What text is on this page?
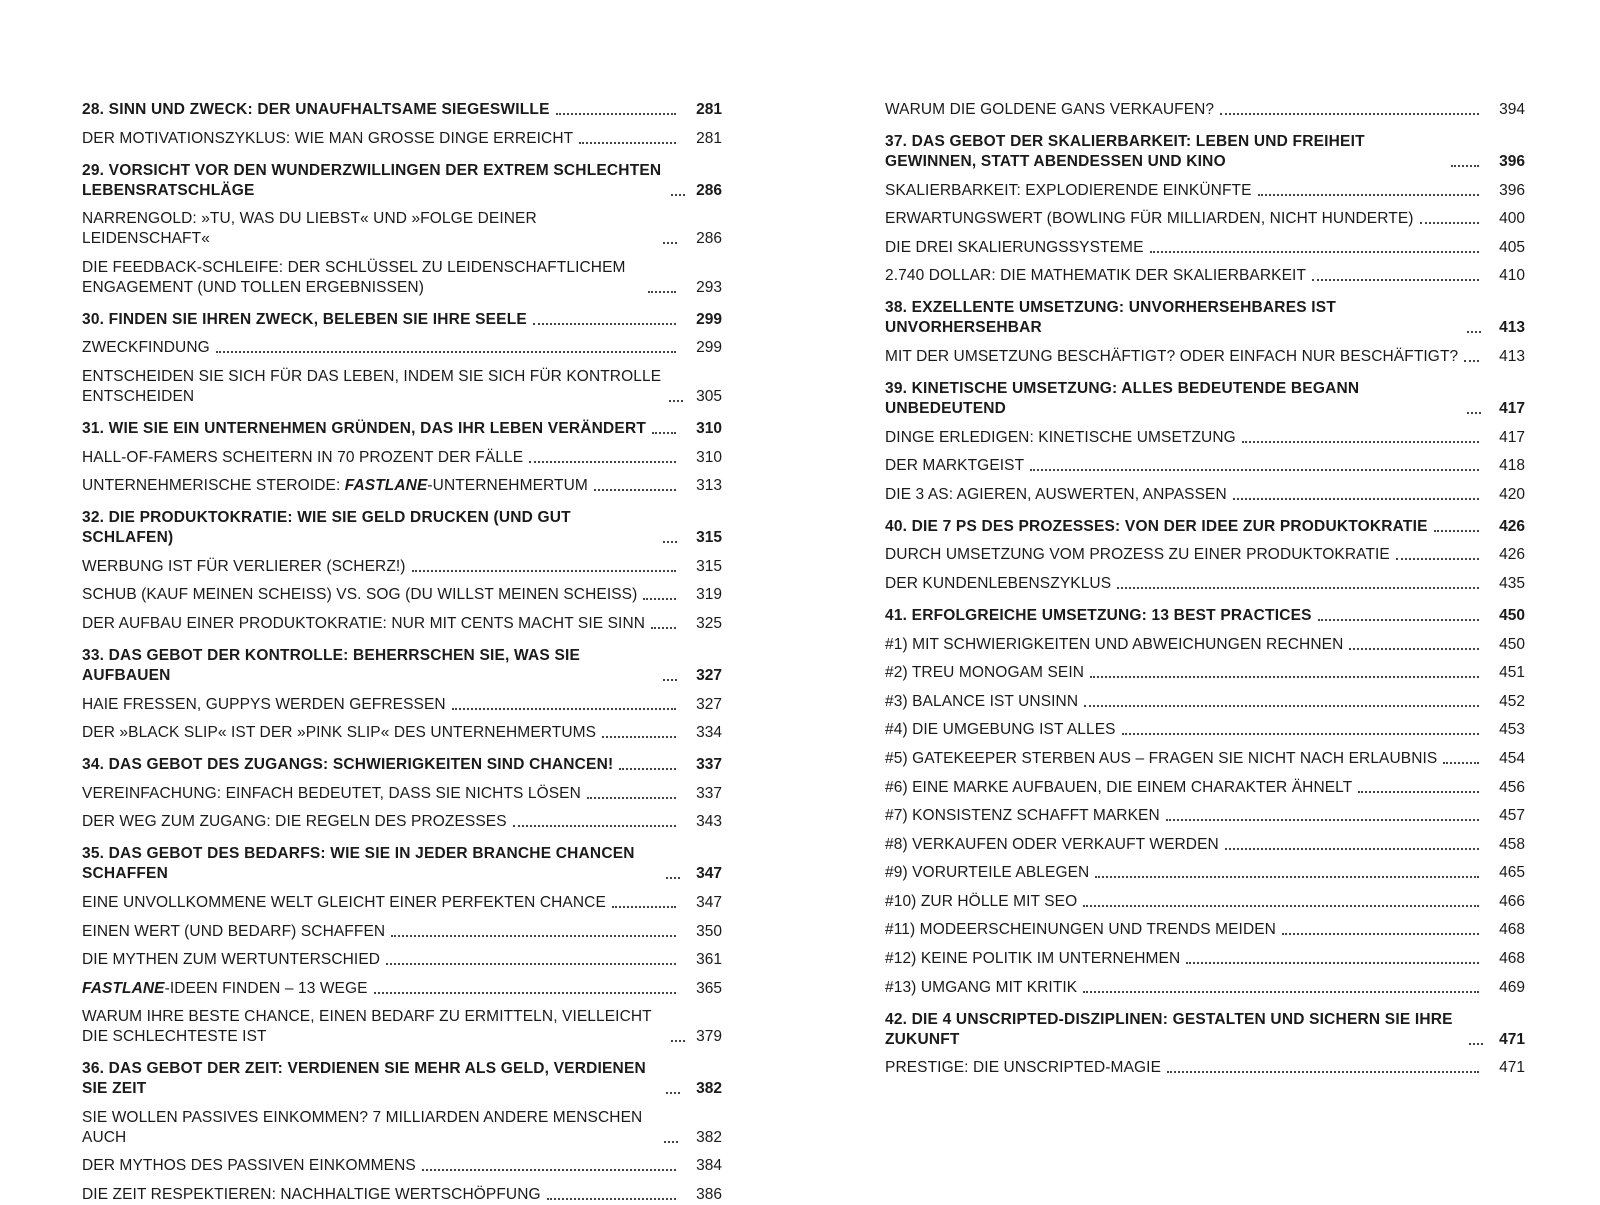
28. SINN UND ZWECK: DER UNAUFHALTSAME SIEGESWILLE	281
DER MOTIVATIONSZYKLUS: WIE MAN GROSSE DINGE ERREICHT	281
29. VORSICHT VOR DEN WUNDERZWILLINGEN DER EXTREM SCHLECHTEN LEBENSRATSCHLÄGE	286
NARRENGOLD: »TU, WAS DU LIEBST« UND »FOLGE DEINER LEIDENSCHAFT«	286
DIE FEEDBACK-SCHLEIFE: DER SCHLÜSSEL ZU LEIDENSCHAFTLICHEM ENGAGEMENT (UND TOLLEN ERGEBNISSEN)	293
30. FINDEN SIE IHREN ZWECK, BELEBEN SIE IHRE SEELE	299
ZWECKFINDUNG	299
ENTSCHEIDEN SIE SICH FÜR DAS LEBEN, INDEM SIE SICH FÜR KONTROLLE ENTSCHEIDEN	305
31. WIE SIE EIN UNTERNEHMEN GRÜNDEN, DAS IHR LEBEN VERÄNDERT	310
HALL-OF-FAMERS SCHEITERN IN 70 PROZENT DER FÄLLE	310
UNTERNEHMERISCHE STEROIDE: FASTLANE-UNTERNEHMERTUM	313
32. DIE PRODUKTOKRATIE: WIE SIE GELD DRUCKEN (UND GUT SCHLAFEN)	315
WERBUNG IST FÜR VERLIERER (SCHERZ!)	315
SCHUB (KAUF MEINEN SCHEISS) VS. SOG (DU WILLST MEINEN SCHEISS)	319
DER AUFBAU EINER PRODUKTOKRATIE: NUR MIT CENTS MACHT SIE SINN	325
33. DAS GEBOT DER KONTROLLE: BEHERRSCHEN SIE, WAS SIE AUFBAUEN	327
HAIE FRESSEN, GUPPYS WERDEN GEFRESSEN	327
DER »BLACK SLIP« IST DER »PINK SLIP« DES UNTERNEHMERTUMS	334
34. DAS GEBOT DES ZUGANGS: SCHWIERIGKEITEN SIND CHANCEN!	337
VEREINFACHUNG: EINFACH BEDEUTET, DASS SIE NICHTS LÖSEN	337
DER WEG ZUM ZUGANG: DIE REGELN DES PROZESSES	343
35. DAS GEBOT DES BEDARFS: WIE SIE IN JEDER BRANCHE CHANCEN SCHAFFEN	347
EINE UNVOLLKOMMENE WELT GLEICHT EINER PERFEKTEN CHANCE	347
EINEN WERT (UND BEDARF) SCHAFFEN	350
DIE MYTHEN ZUM WERTUNTERSCHIED	361
FASTLANE-IDEEN FINDEN – 13 WEGE	365
WARUM IHRE BESTE CHANCE, EINEN BEDARF ZU ERMITTELN, VIELLEICHT DIE SCHLECHTESTE IST	379
36. DAS GEBOT DER ZEIT: VERDIENEN SIE MEHR ALS GELD, VERDIENEN SIE ZEIT	382
SIE WOLLEN PASSIVES EINKOMMEN? 7 MILLIARDEN ANDERE MENSCHEN AUCH	382
DER MYTHOS DES PASSIVEN EINKOMMENS	384
DIE ZEIT RESPEKTIEREN: NACHHALTIGE WERTSCHÖPFUNG	386
WARUM DIE GOLDENE GANS VERKAUFEN?	394
37. DAS GEBOT DER SKALIERBARKEIT: LEBEN UND FREIHEIT GEWINNEN, STATT ABENDESSEN UND KINO	396
SKALIERBARKEIT: EXPLODIERENDE EINKÜNFTE	396
ERWARTUNGSWERT (BOWLING FÜR MILLIARDEN, NICHT HUNDERTE)	400
DIE DREI SKALIERUNGSSYSTEME	405
2.740 DOLLAR: DIE MATHEMATIK DER SKALIERBARKEIT	410
38. EXZELLENTE UMSETZUNG: UNVORHERSEHBARES IST UNVORHERSEHBAR	413
MIT DER UMSETZUNG BESCHÄFTIGT? ODER EINFACH NUR BESCHÄFTIGT?	413
39. KINETISCHE UMSETZUNG: ALLES BEDEUTENDE BEGANN UNBEDEUTEND	417
DINGE ERLEDIGEN: KINETISCHE UMSETZUNG	417
DER MARKTGEIST	418
DIE 3 AS: AGIEREN, AUSWERTEN, ANPASSEN	420
40. DIE 7 PS DES PROZESSES: VON DER IDEE ZUR PRODUKTOKRATIE	426
DURCH UMSETZUNG VOM PROZESS ZU EINER PRODUKTOKRATIE	426
DER KUNDENLEBENSZYKLUS	435
41. ERFOLGREICHE UMSETZUNG: 13 BEST PRACTICES	450
#1) MIT SCHWIERIGKEITEN UND ABWEICHUNGEN RECHNEN	450
#2) TREU MONOGAM SEIN	451
#3) BALANCE IST UNSINN	452
#4) DIE UMGEBUNG IST ALLES	453
#5) GATEKEEPER STERBEN AUS – FRAGEN SIE NICHT NACH ERLAUBNIS	454
#6) EINE MARKE AUFBAUEN, DIE EINEM CHARAKTER ÄHNELT	456
#7) KONSISTENZ SCHAFFT MARKEN	457
#8) VERKAUFEN ODER VERKAUFT WERDEN	458
#9) VORURTEILE ABLEGEN	465
#10) ZUR HÖLLE MIT SEO	466
#11) MODEERSCHEINUNGEN UND TRENDS MEIDEN	468
#12) KEINE POLITIK IM UNTERNEHMEN	468
#13) UMGANG MIT KRITIK	469
42. DIE 4 UNSCRIPTED-DISZIPLINEN: GESTALTEN UND SICHERN SIE IHRE ZUKUNFT	471
PRESTIGE: DIE UNSCRIPTED-MAGIE	471
